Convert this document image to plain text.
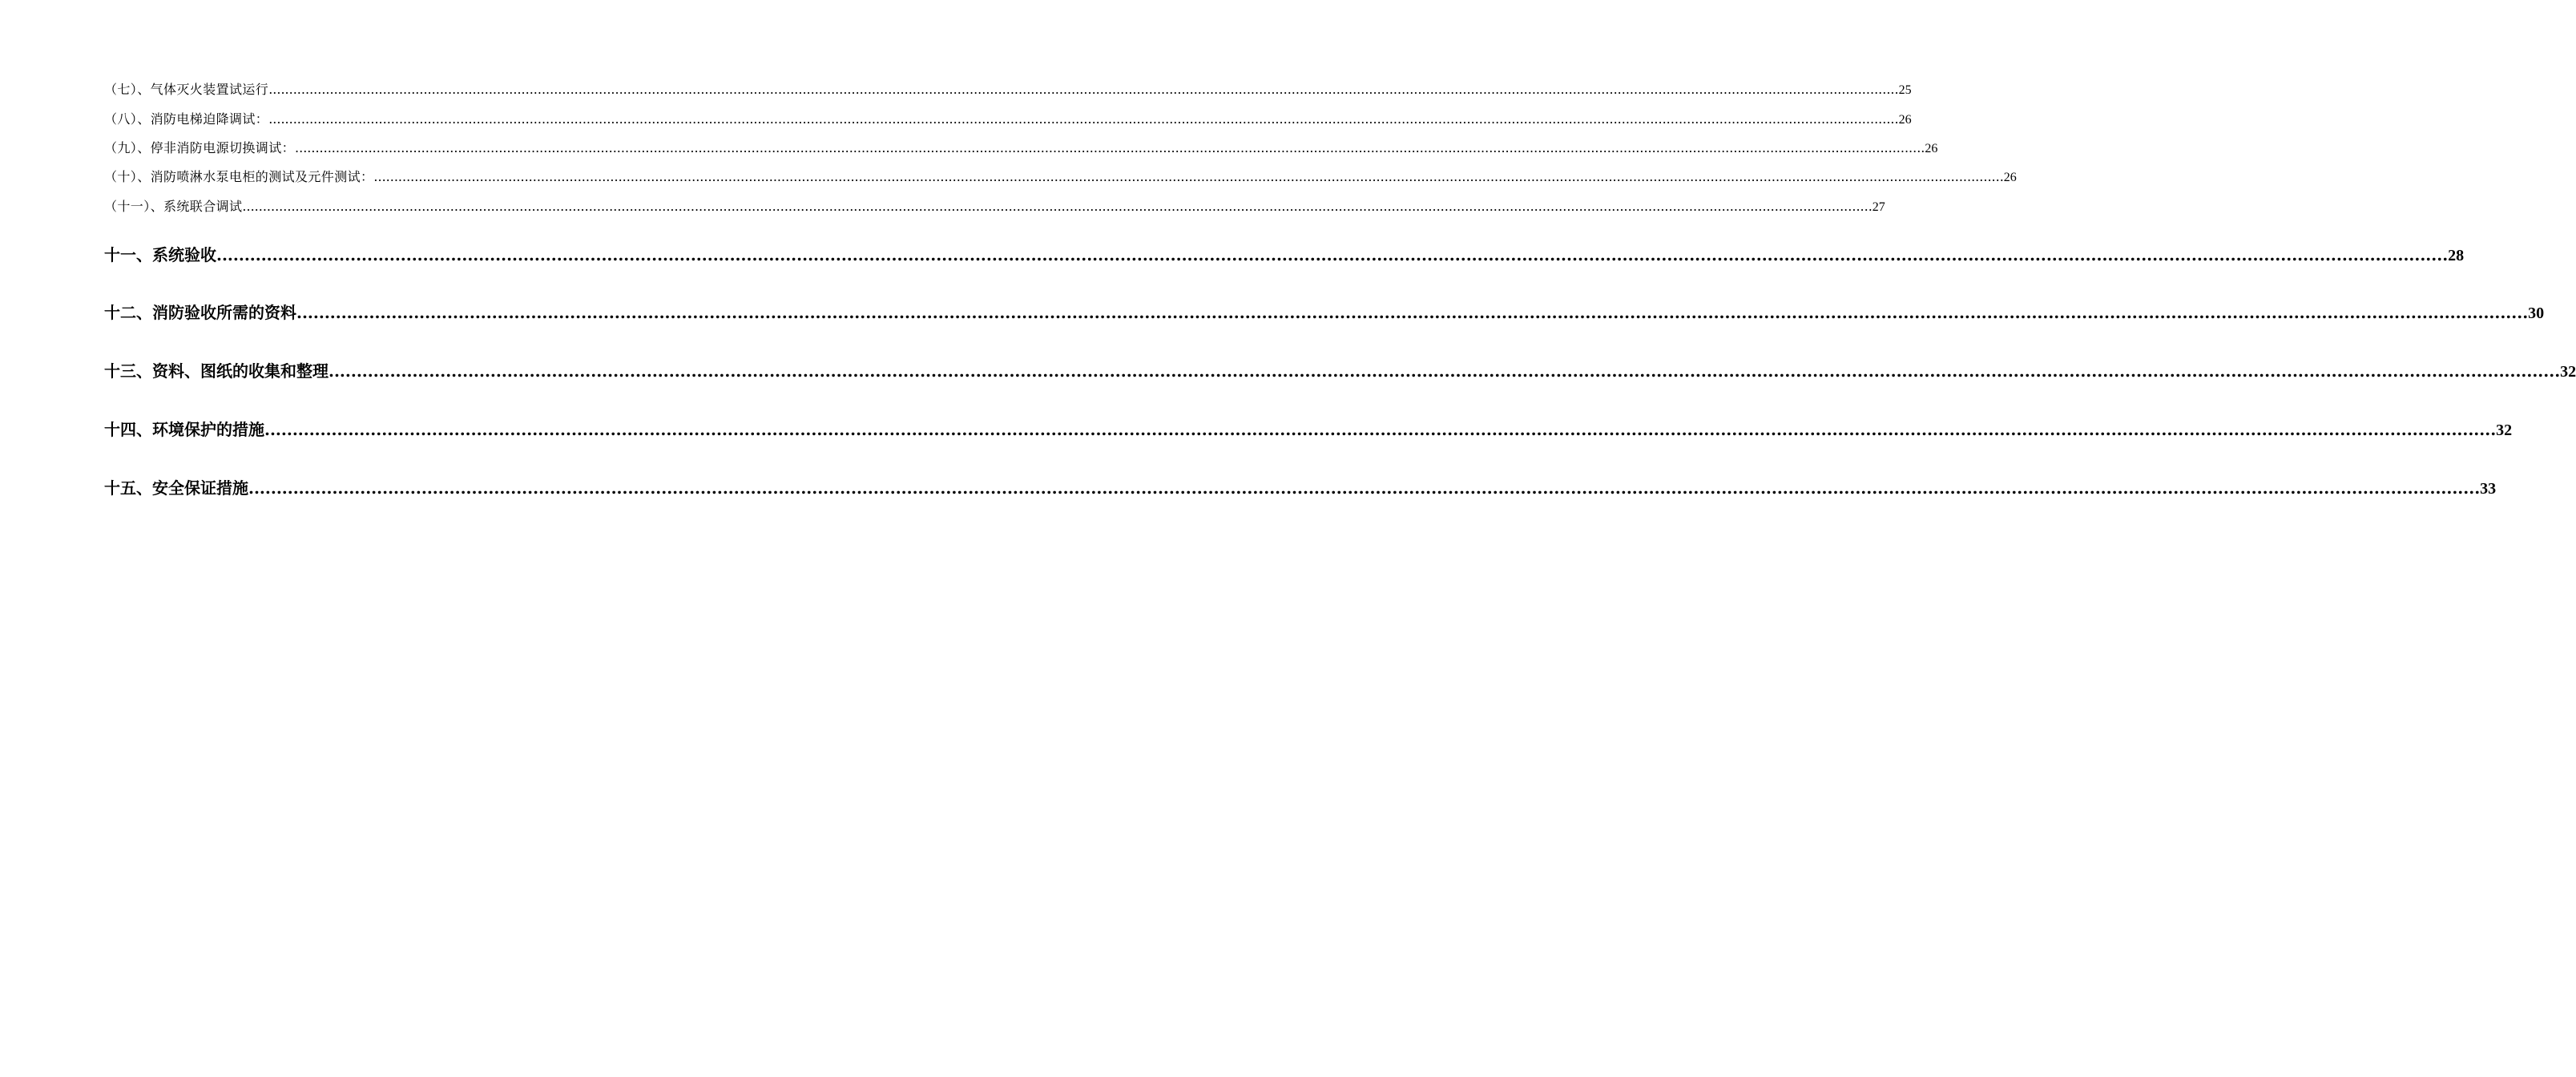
（七）、气体灭火装置试运行 ................................................................................................................................................................................................................................................................................................................................................................................................................ 25
（八）、消防电梯迫降调试： ................................................................................................................................................................................................................................................................................................................................................................................................................ 26
（九）、停非消防电源切换调试： ................................................................................................................................................................................................................................................................................................................................................................................................................ 26
（十）、消防喷淋水泵电柜的测试及元件测试： ................................................................................................................................................................................................................................................................................................................................................................................................................ 26
（十一）、系统联合调试 ................................................................................................................................................................................................................................................................................................................................................................................................................ 27
十一、系统验收 ................................................................................................................................................................................................................................................................................................................................................................................................................ 28
十二、消防验收所需的资料 ................................................................................................................................................................................................................................................................................................................................................................................................................ 30
十三、资料、图纸的收集和整理 ................................................................................................................................................................................................................................................................................................................................................................................................................ 32
十四、环境保护的措施 ................................................................................................................................................................................................................................................................................................................................................................................................................ 32
十五、安全保证措施 ................................................................................................................................................................................................................................................................................................................................................................................................................ 33
